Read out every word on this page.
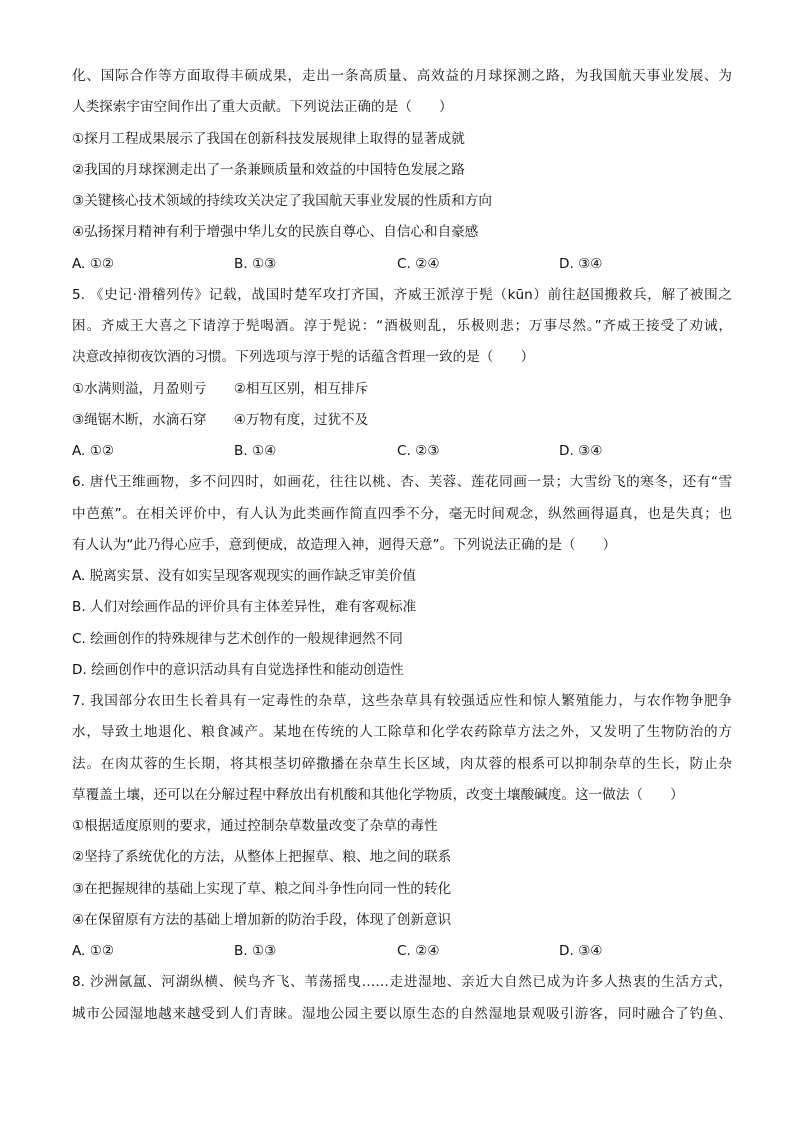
化、国际合作等方面取得丰硕成果，走出一条高质量、高效益的月球探测之路，为我国航天事业发展、为
人类探索宇宙空间作出了重大贡献。下列说法正确的是（　　）
①探月工程成果展示了我国在创新科技发展规律上取得的显著成就
②我国的月球探测走出了一条兼顾质量和效益的中国特色发展之路
③关键核心技术领域的持续攻关决定了我国航天事业发展的性质和方向
④弘扬探月精神有利于增强中华儿女的民族自尊心、自信心和自豪感
A. ①②	B. ①③	C. ②④	D. ③④
5. 《史记·滑稽列传》记载，战国时楚军攻打齐国，齐威王派淳于髡（kūn）前往赵国搬救兵，解了被围之
困。齐威王大喜之下请淳于髡喝酒。淳于髡说：“酒极则乱，乐极则悲；万事尽然。”齐威王接受了劝诫，
决意改掉彻夜饮酒的习惯。下列选项与淳于髡的话蕴含哲理一致的是（　　）
①水满则溢，月盈则亏　　②相互区别，相互排斥
③绳锯木断，水滴石穿　　④万物有度，过犹不及
A. ①②	B. ①④	C. ②③	D. ③④
6. 唐代王维画物，多不问四时，如画花，往往以桃、杏、芙蓉、莲花同画一景；大雪纷飞的寒冬，还有“雪
中芭蕉”。在相关评价中，有人认为此类画作简直四季不分，毫无时间观念，纵然画得逼真，也是失真；也
有人认为“此乃得心应手，意到便成，故造理入神，迥得天意”。下列说法正确的是（　　）
A. 脱离实景、没有如实呈现客观现实的画作缺乏审美价值
B. 人们对绘画作品的评价具有主体差异性，难有客观标准
C. 绘画创作的特殊规律与艺术创作的一般规律迥然不同
D. 绘画创作中的意识活动具有自觉选择性和能动创造性
7. 我国部分农田生长着具有一定毒性的杂草，这些杂草具有较强适应性和惊人繁殖能力，与农作物争肥争
水，导致土地退化、粮食减产。某地在传统的人工除草和化学农药除草方法之外，又发明了生物防治的方
法。在肉苁蓉的生长期，将其根茎切碎撒播在杂草生长区域，肉苁蓉的根系可以抑制杂草的生长，防止杂
草覆盖土壤，还可以在分解过程中释放出有机酸和其他化学物质，改变土壤酸碱度。这一做法（　　）
①根据适度原则的要求，通过控制杂草数量改变了杂草的毒性
②坚持了系统优化的方法，从整体上把握草、粮、地之间的联系
③在把握规律的基础上实现了草、粮之间斗争性向同一性的转化
④在保留原有方法的基础上增加新的防治手段，体现了创新意识
A. ①②	B. ①③	C. ②④	D. ③④
8. 沙洲氤氲、河湖纵横、候鸟齐飞、苇荡摇曳……走进湿地、亲近大自然已成为许多人热衷的生活方式，
城市公园湿地越来越受到人们青睐。湿地公园主要以原生态的自然湿地景观吸引游客，同时融合了钓鱼、
